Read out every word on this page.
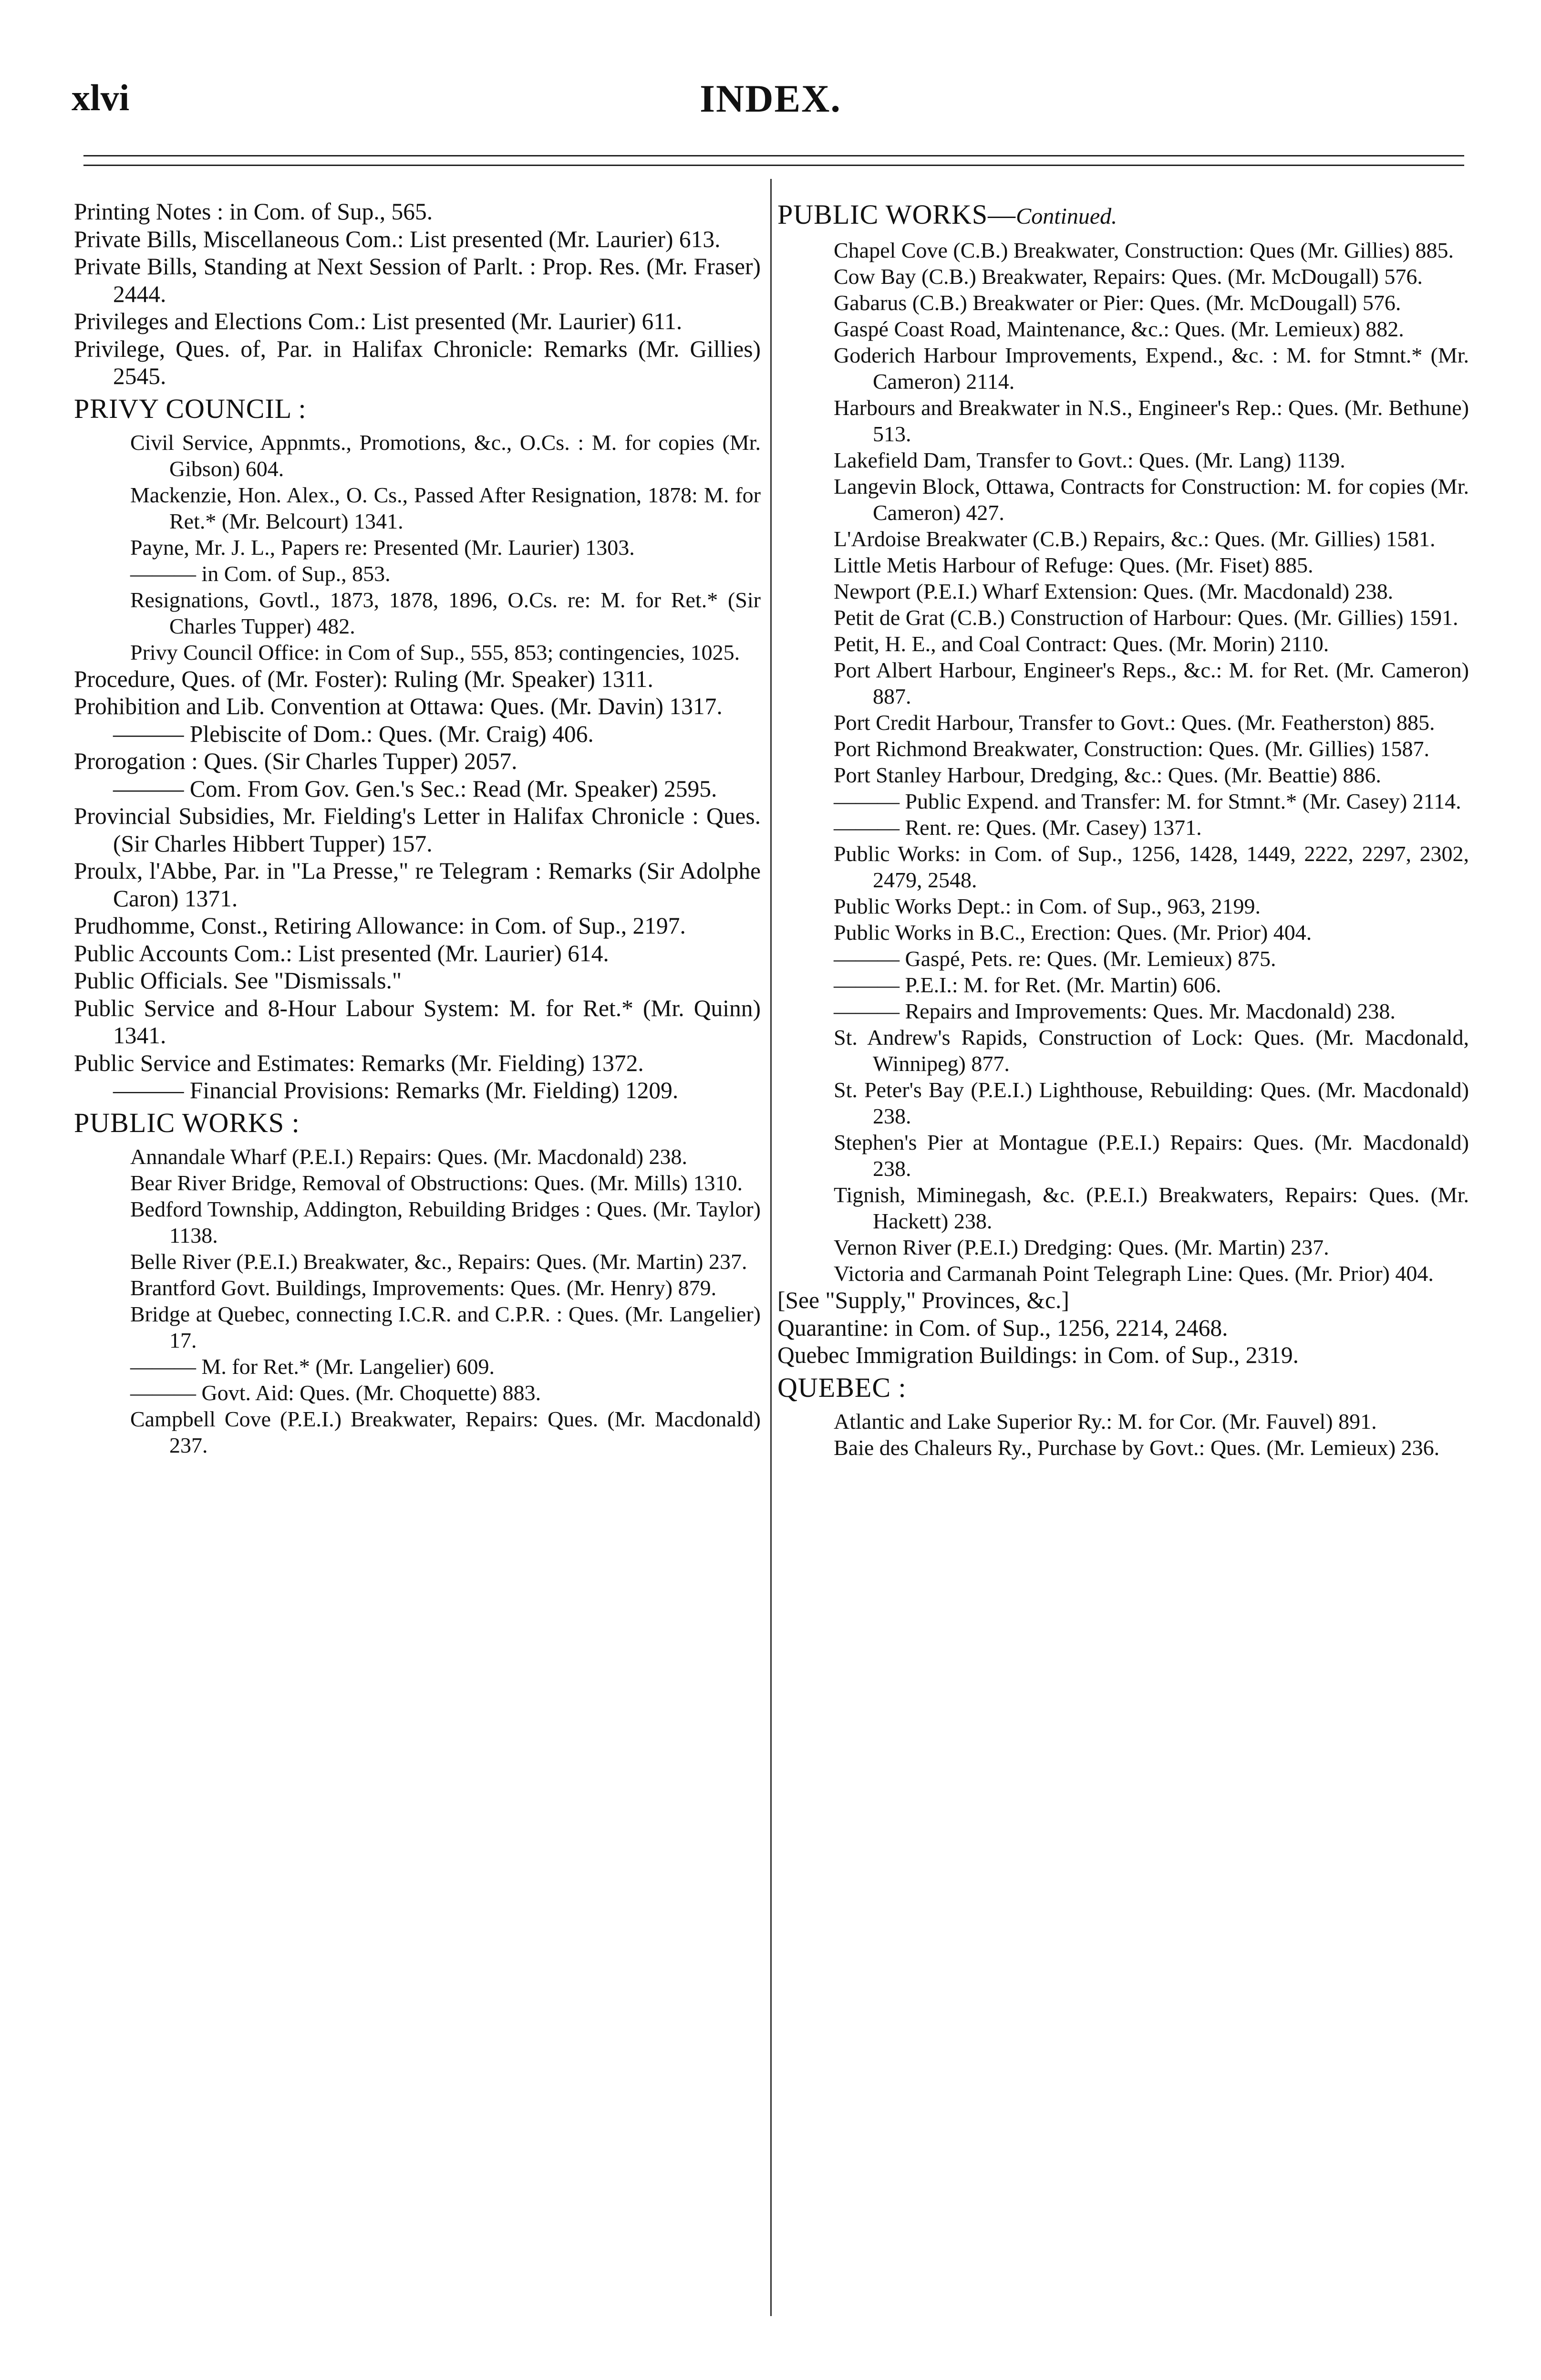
xlvi	INDEX.

Printing Notes : in Com. of Sup., 565.

Private Bills, Miscellaneous Com.: List presented (Mr. Laurier) 613.

Private Bills, Standing at Next Session of Parlt. : Prop. Res. (Mr. Fraser) 2444.

Privileges and Elections Com.: List presented (Mr. Laurier) 611.

Privilege, Ques. of, Par. in Halifax Chronicle: Remarks (Mr. Gillies) 2545.

PRIVY COUNCIL :

Civil Service, Appnmts., Promotions, &c., O.Cs. : M. for copies (Mr. Gibson) 604.

Mackenzie, Hon. Alex., O. Cs., Passed After Resignation, 1878: M. for Ret.* (Mr. Belcourt) 1341.

Payne, Mr. J. L., Papers re: Presented (Mr. Laurier) 1303.

——— in Com. of Sup., 853.

Resignations, Govtl., 1873, 1878, 1896, O.Cs. re: M. for Ret.* (Sir Charles Tupper) 482.

Privy Council Office: in Com of Sup., 555, 853; contingencies, 1025.

Procedure, Ques. of (Mr. Foster): Ruling (Mr. Speaker) 1311.

Prohibition and Lib. Convention at Ottawa: Ques. (Mr. Davin) 1317.

——— Plebiscite of Dom.: Ques. (Mr. Craig) 406.

Prorogation : Ques. (Sir Charles Tupper) 2057.

——— Com. From Gov. Gen.'s Sec.: Read (Mr. Speaker) 2595.

Provincial Subsidies, Mr. Fielding's Letter in Halifax Chronicle : Ques. (Sir Charles Hibbert Tupper) 157.

Proulx, l'Abbe, Par. in "La Presse," re Telegram : Remarks (Sir Adolphe Caron) 1371.

Prudhomme, Const., Retiring Allowance: in Com. of Sup., 2197.

Public Accounts Com.: List presented (Mr. Laurier) 614.

Public Officials. See "Dismissals."

Public Service and 8-Hour Labour System: M. for Ret.* (Mr. Quinn) 1341.

Public Service and Estimates: Remarks (Mr. Fielding) 1372.

——— Financial Provisions: Remarks (Mr. Fielding) 1209.

PUBLIC WORKS :

Annandale Wharf (P.E.I.) Repairs: Ques. (Mr. Macdonald) 238.

Bear River Bridge, Removal of Obstructions: Ques. (Mr. Mills) 1310.

Bedford Township, Addington, Rebuilding Bridges : Ques. (Mr. Taylor) 1138.

Belle River (P.E.I.) Breakwater, &c., Repairs: Ques. (Mr. Martin) 237.

Brantford Govt. Buildings, Improvements: Ques. (Mr. Henry) 879.

Bridge at Quebec, connecting I.C.R. and C.P.R. : Ques. (Mr. Langelier) 17.

——— M. for Ret.* (Mr. Langelier) 609.

——— Govt. Aid: Ques. (Mr. Choquette) 883.

Campbell Cove (P.E.I.) Breakwater, Repairs: Ques. (Mr. Macdonald) 237.

PUBLIC WORKS—Continued.

Chapel Cove (C.B.) Breakwater, Construction: Ques (Mr. Gillies) 885.

Cow Bay (C.B.) Breakwater, Repairs: Ques. (Mr. McDougall) 576.

Gabarus (C.B.) Breakwater or Pier: Ques. (Mr. McDougall) 576.

Gaspé Coast Road, Maintenance, &c.: Ques. (Mr. Lemieux) 882.

Goderich Harbour Improvements, Expend., &c. : M. for Stmnt.* (Mr. Cameron) 2114.

Harbours and Breakwater in N.S., Engineer's Rep.: Ques. (Mr. Bethune) 513.

Lakefield Dam, Transfer to Govt.: Ques. (Mr. Lang) 1139.

Langevin Block, Ottawa, Contracts for Construction: M. for copies (Mr. Cameron) 427.

L'Ardoise Breakwater (C.B.) Repairs, &c.: Ques. (Mr. Gillies) 1581.

Little Metis Harbour of Refuge: Ques. (Mr. Fiset) 885.

Newport (P.E.I.) Wharf Extension: Ques. (Mr. Macdonald) 238.

Petit de Grat (C.B.) Construction of Harbour: Ques. (Mr. Gillies) 1591.

Petit, H. E., and Coal Contract: Ques. (Mr. Morin) 2110.

Port Albert Harbour, Engineer's Reps., &c.: M. for Ret. (Mr. Cameron) 887.

Port Credit Harbour, Transfer to Govt.: Ques. (Mr. Featherston) 885.

Port Richmond Breakwater, Construction: Ques. (Mr. Gillies) 1587.

Port Stanley Harbour, Dredging, &c.: Ques. (Mr. Beattie) 886.

——— Public Expend. and Transfer: M. for Stmnt.* (Mr. Casey) 2114.

——— Rent. re: Ques. (Mr. Casey) 1371.

Public Works: in Com. of Sup., 1256, 1428, 1449, 2222, 2297, 2302, 2479, 2548.

Public Works Dept.: in Com. of Sup., 963, 2199.

Public Works in B.C., Erection: Ques. (Mr. Prior) 404.

——— Gaspé, Pets. re: Ques. (Mr. Lemieux) 875.

——— P.E.I.: M. for Ret. (Mr. Martin) 606.

——— Repairs and Improvements: Ques. Mr. Macdonald) 238.

St. Andrew's Rapids, Construction of Lock: Ques. (Mr. Macdonald, Winnipeg) 877.

St. Peter's Bay (P.E.I.) Lighthouse, Rebuilding: Ques. (Mr. Macdonald) 238.

Stephen's Pier at Montague (P.E.I.) Repairs: Ques. (Mr. Macdonald) 238.

Tignish, Miminegash, &c. (P.E.I.) Breakwaters, Repairs: Ques. (Mr. Hackett) 238.

Vernon River (P.E.I.) Dredging: Ques. (Mr. Martin) 237.

Victoria and Carmanah Point Telegraph Line: Ques. (Mr. Prior) 404.

[See "Supply," Provinces, &c.]

Quarantine: in Com. of Sup., 1256, 2214, 2468.

Quebec Immigration Buildings: in Com. of Sup., 2319.

QUEBEC :

Atlantic and Lake Superior Ry.: M. for Cor. (Mr. Fauvel) 891.

Baie des Chaleurs Ry., Purchase by Govt.: Ques. (Mr. Lemieux) 236.
